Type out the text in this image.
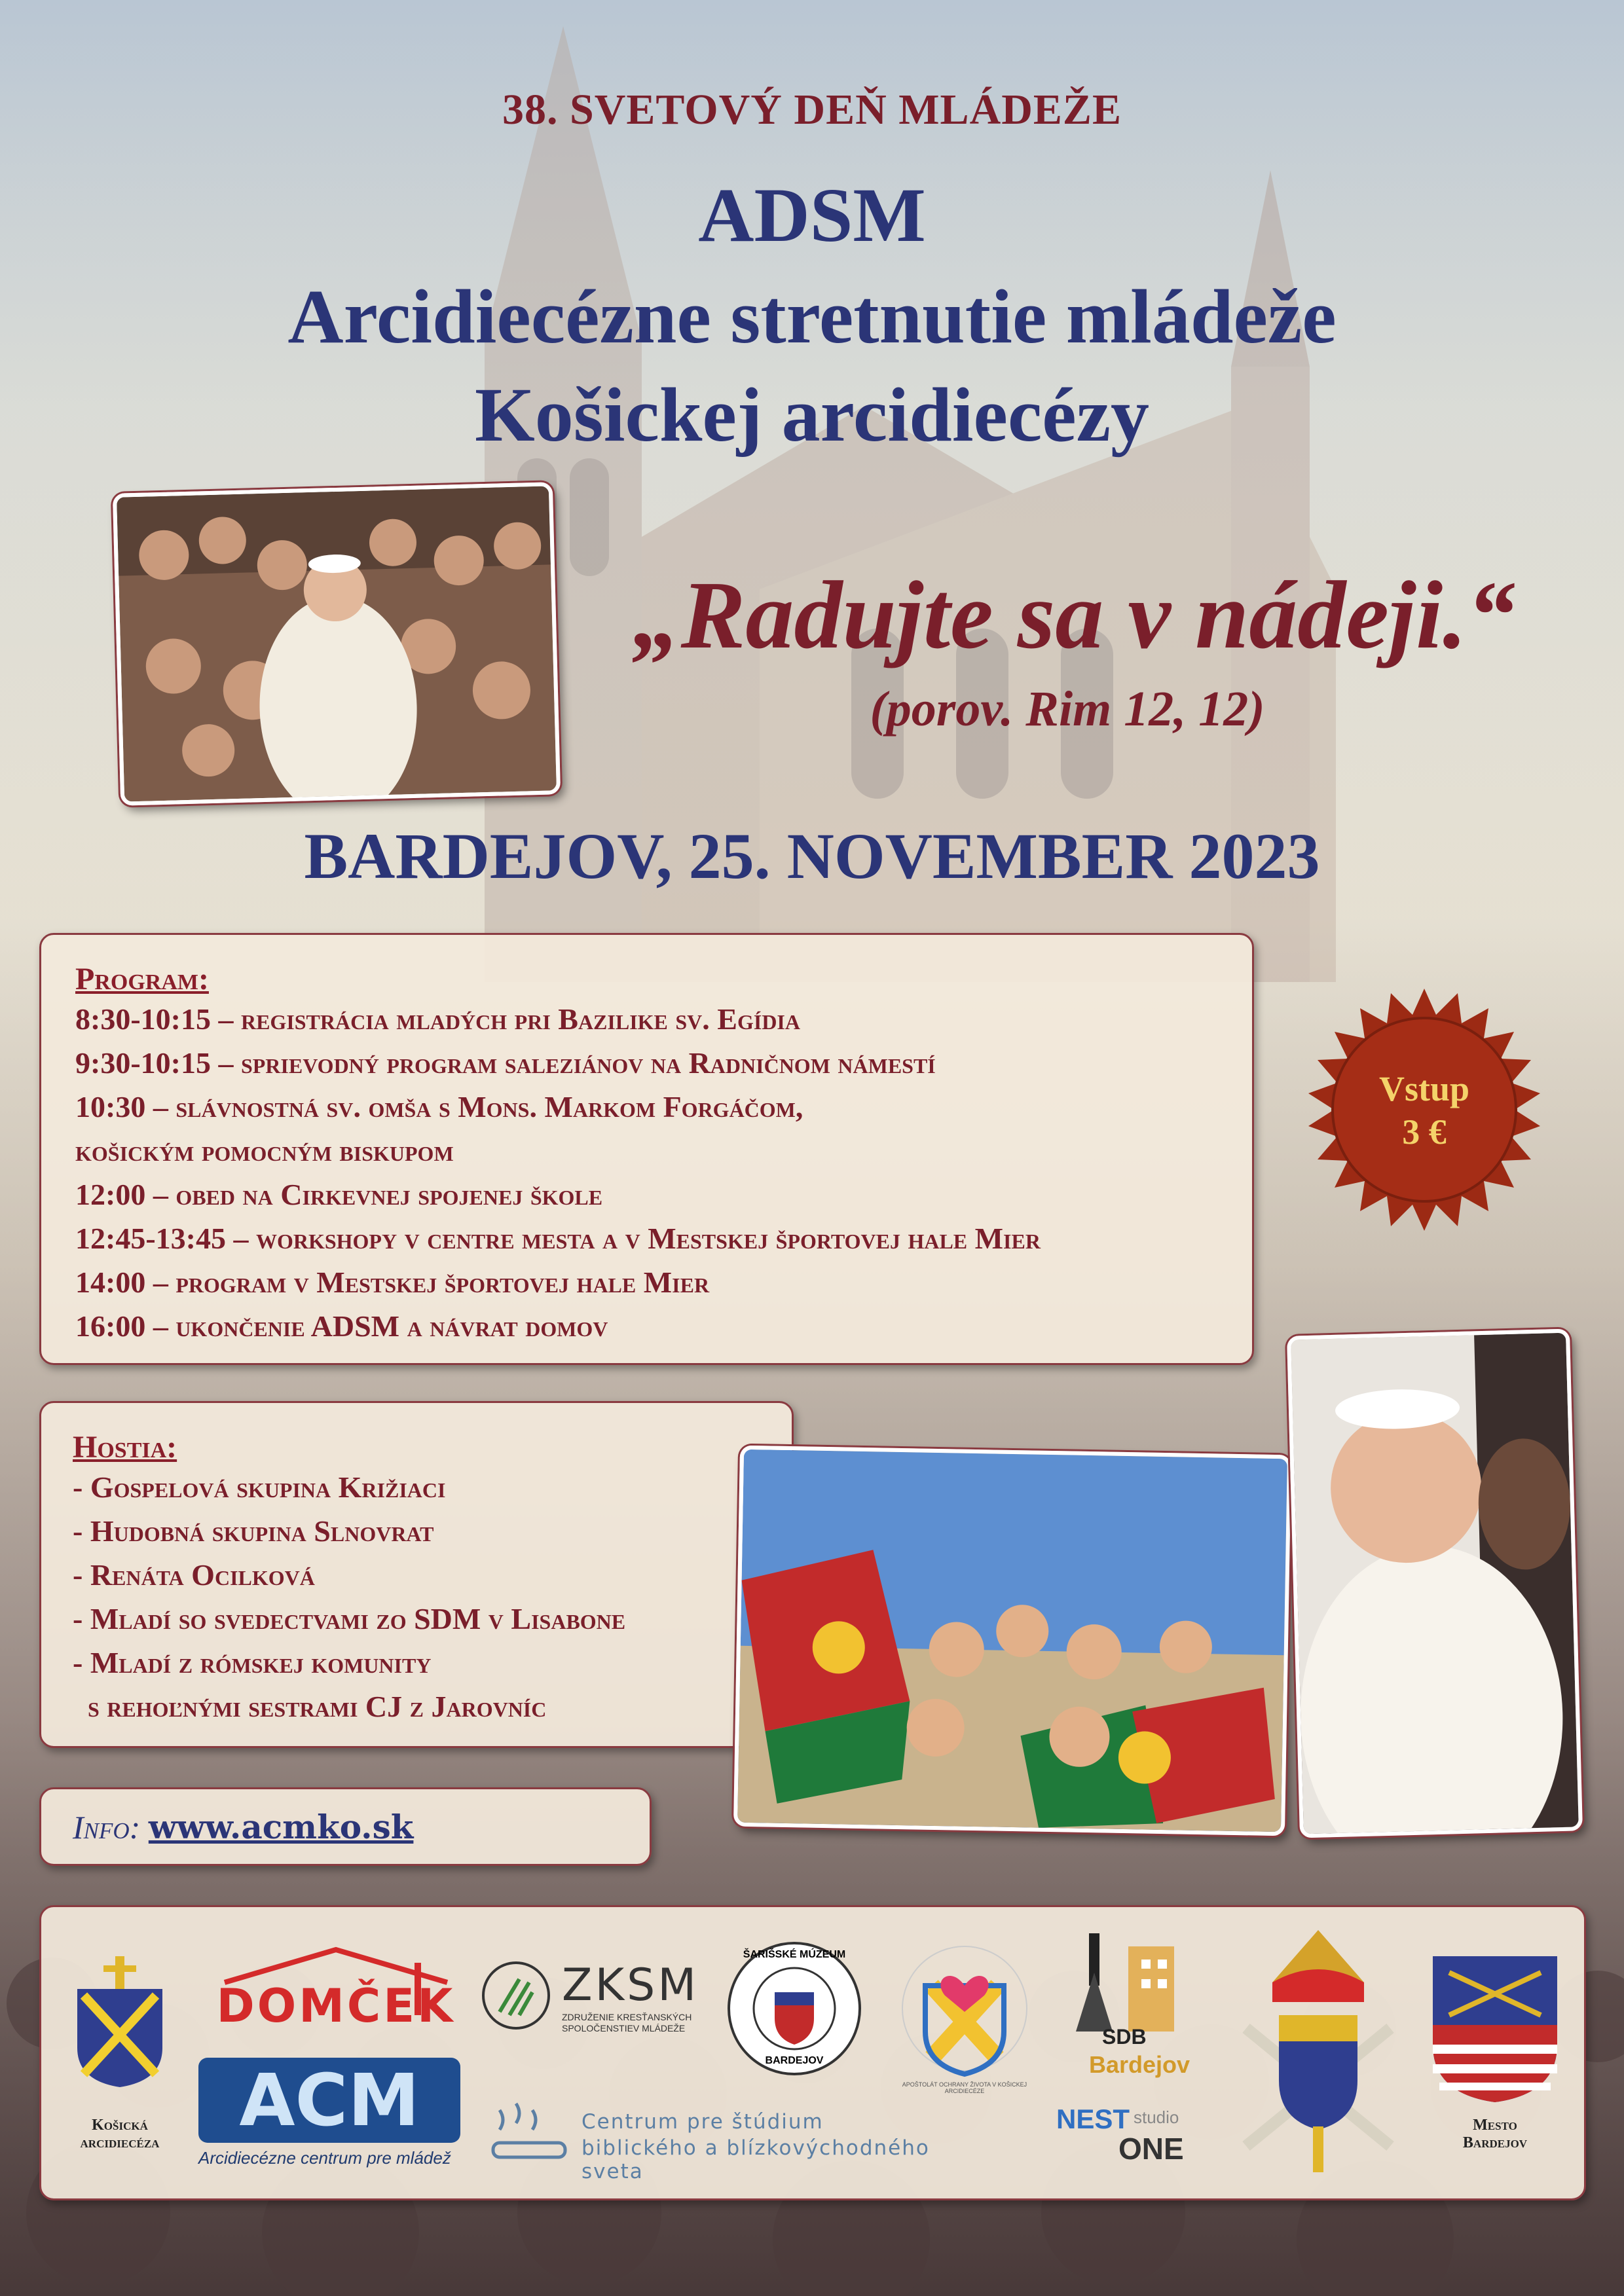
38. SVETOVÝ DEŇ MLÁDEŽE
ADSM
Arcidiecézne stretnutie mládeže
Košickej arcidiecézy
„Radujte sa v nádeji.“
(porov. Rim 12, 12)
BARDEJOV, 25. NOVEMBER 2023
Program:
8:30-10:15 – registrácia mladých pri Bazilike sv. Egídia
9:30-10:15 – sprievodný program saleziánov na Radničnom námestí
10:30 – slávnostná sv. omša s Mons. Markom Forgáčom,
košickým pomocným biskupom
12:00 – obed na Cirkevnej spojenej škole
12:45-13:45 – workshopy v centre mesta a v Mestskej športovej hale Mier
14:00 – program v Mestskej športovej hale Mier
16:00 – ukončenie ADSM a návrat domov
Vstup
3 €
Hostia:
- Gospelová skupina Križiaci
- Hudobná skupina Slnovrat
- Renáta Ocilková
- Mladí so svedectvami zo SDM v Lisabone
- Mladí z rómskej komunity
s rehoľnými sestrami CJ z Jarovníc
Info: www.acmko.sk
Košická
arcidiecéza
DOMČEK
ACM
Arcidiecézne centrum pre mládež
ZKSM
ZDRUŽENIE KRESŤANSKÝCH
SPOLOČENSTIEV MLÁDEŽE
ŠARIŠSKÉ MÚZEUM
BARDEJOV
APOŠTOLÁT OCHRANY ŽIVOTA V KOŠICKEJ ARCIDIECÉZE
SDB
Bardejov
Centrum pre štúdium
biblického a blízkovýchodného sveta
NEST studio
ONE
Mesto
Bardejov
